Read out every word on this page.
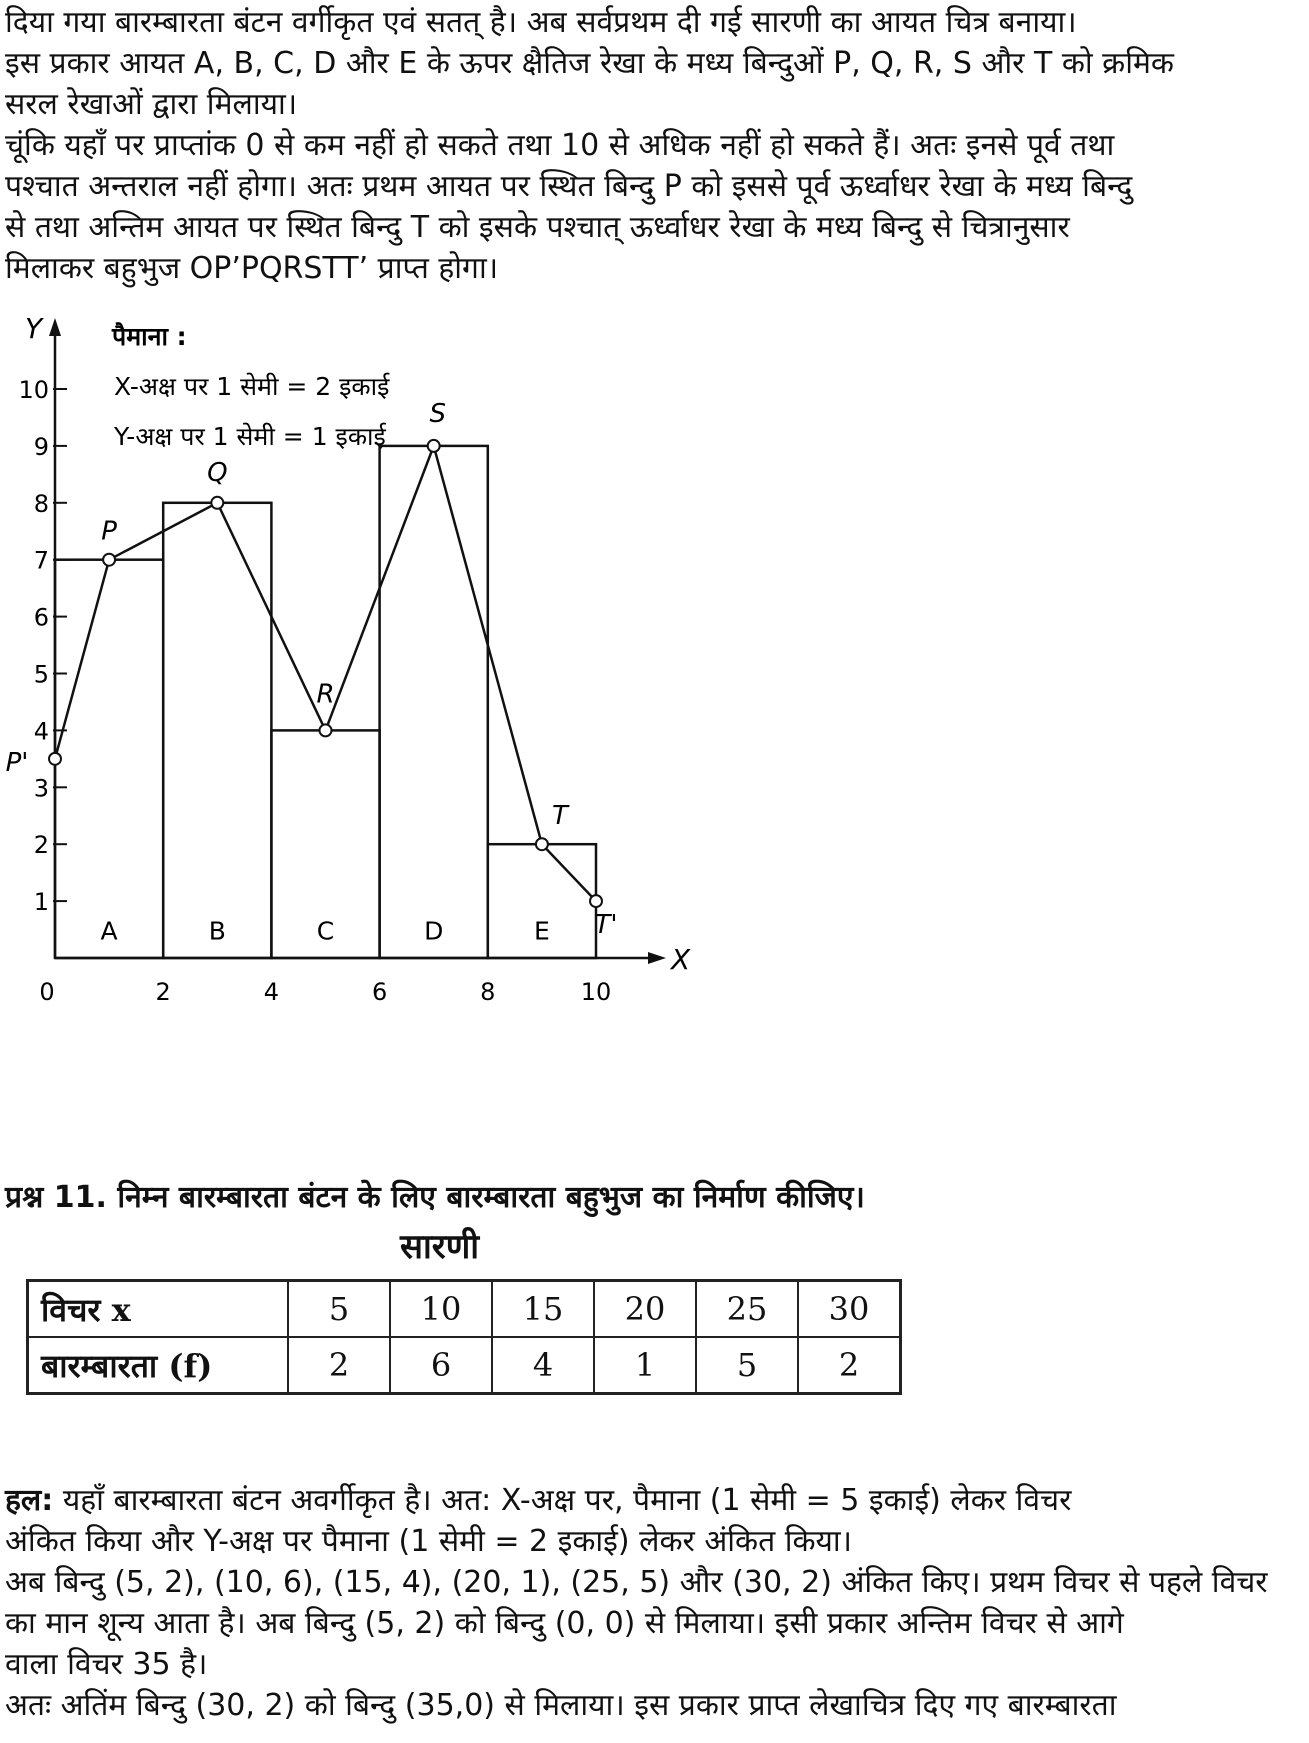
दिया गया बारम्बारता बंटन वर्गीकृत एवं सतत् है। अब सर्वप्रथम दी गई सारणी का आयत चित्र बनाया।

इस प्रकार आयत A, B, C, D और E के ऊपर क्षैतिज रेखा के मध्य बिन्दुओं P, Q, R, S और T को क्रमिक

सरल रेखाओं द्वारा मिलाया।

चूंकि यहाँ पर प्राप्तांक 0 से कम नहीं हो सकते तथा 10 से अधिक नहीं हो सकते हैं। अतः इनसे पूर्व तथा

पश्चात अन्तराल नहीं होगा। अतः प्रथम आयत पर स्थित बिन्दु P को इससे पूर्व ऊर्ध्वाधर रेखा के मध्य बिन्दु

से तथा अन्तिम आयत पर स्थित बिन्दु T को इसके पश्चात् ऊर्ध्वाधर रेखा के मध्य बिन्दु से चित्रानुसार

मिलाकर बहुभुज OP’PQRSTT’ प्राप्त होगा।

पैमाना :
X-अक्ष पर 1 सेमी = 2 इकाई
Y-अक्ष पर 1 सेमी = 1 इकाई
A	B	C	D	E
X
Y
1
2
3
4
5
6
7
8
9
10
0	2	4	6	8	10
P'
P
Q
R
S
T
T'
प्रश्न 11. निम्न बारम्बारता बंटन के लिए बारम्बारता बहुभुज का निर्माण कीजिए।
सारणी
विचर x	5	10	15	20	25	30
बारम्बारता (f)	2	6	4	1	5	2

हल: यहाँ बारम्बारता बंटन अवर्गीकृत है। अत: X-अक्ष पर, पैमाना (1 सेमी = 5 इकाई) लेकर विचर

अंकित किया और Y-अक्ष पर पैमाना (1 सेमी = 2 इकाई) लेकर अंकित किया।

अब बिन्दु (5, 2), (10, 6), (15, 4), (20, 1), (25, 5) और (30, 2) अंकित किए। प्रथम विचर से पहले विचर

का मान शून्य आता है। अब बिन्दु (5, 2) को बिन्दु (0, 0) से मिलाया। इसी प्रकार अन्तिम विचर से आगे

वाला विचर 35 है।

अतः अतिंम बिन्दु (30, 2) को बिन्दु (35,0) से मिलाया। इस प्रकार प्राप्त लेखाचित्र दिए गए बारम्बारता
